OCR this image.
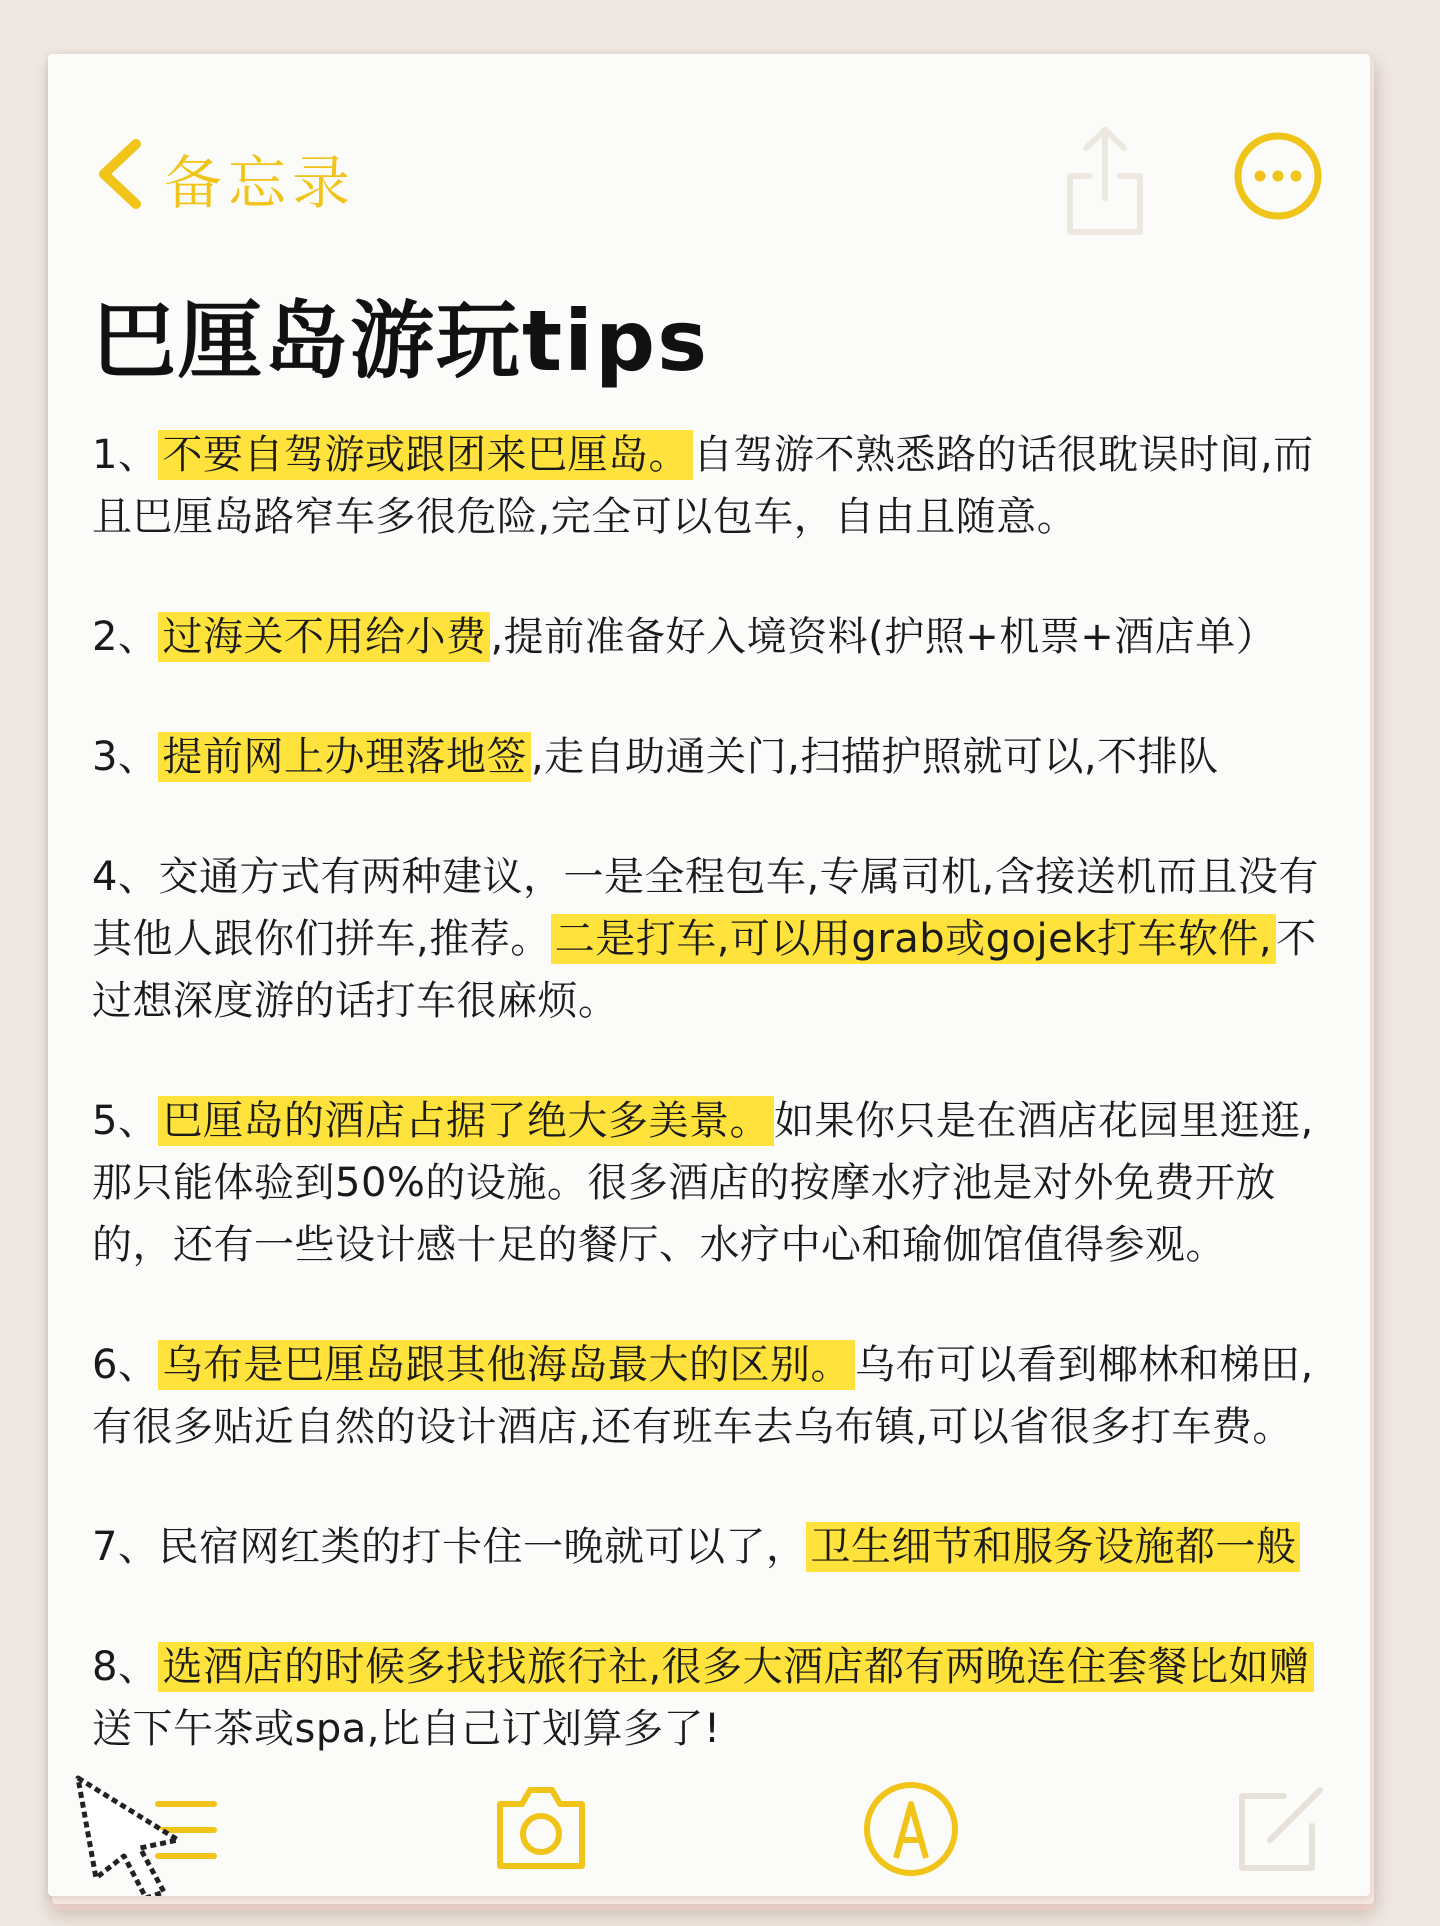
备忘录
巴厘岛游玩tips

1、 不要自驾游或跟团来巴厘岛。 自驾游不熟悉路的话很耽误时间,而且巴厘岛路窄车多很危险,完全可以包车，自由且随意。

2、 过海关不用给小费 ,提前准备好入境资料(护照+机票+酒店单）

3、 提前网上办理落地签 ,走自助通关门,扫描护照就可以,不排队

4、交通方式有两种建议，一是全程包车,专属司机,含接送机而且没有其他人跟你们拼车,推荐。 二是打车,可以用grab或gojek打车软件, 不过想深度游的话打车很麻烦。

5、 巴厘岛的酒店占据了绝大多美景。 如果你只是在酒店花园里逛逛,那只能体验到50%的设施。很多酒店的按摩水疗池是对外免费开放的，还有一些设计感十足的餐厅、水疗中心和瑜伽馆值得参观。

6、 乌布是巴厘岛跟其他海岛最大的区别。 乌布可以看到椰林和梯田,有很多贴近自然的设计酒店,还有班车去乌布镇,可以省很多打车费。

7、民宿网红类的打卡住一晚就可以了， 卫生细节和服务设施都一般

8、 选酒店的时候多找找旅行社,很多大酒店都有两晚连住套餐比如赠送下午茶或spa,比自己订划算多了!
